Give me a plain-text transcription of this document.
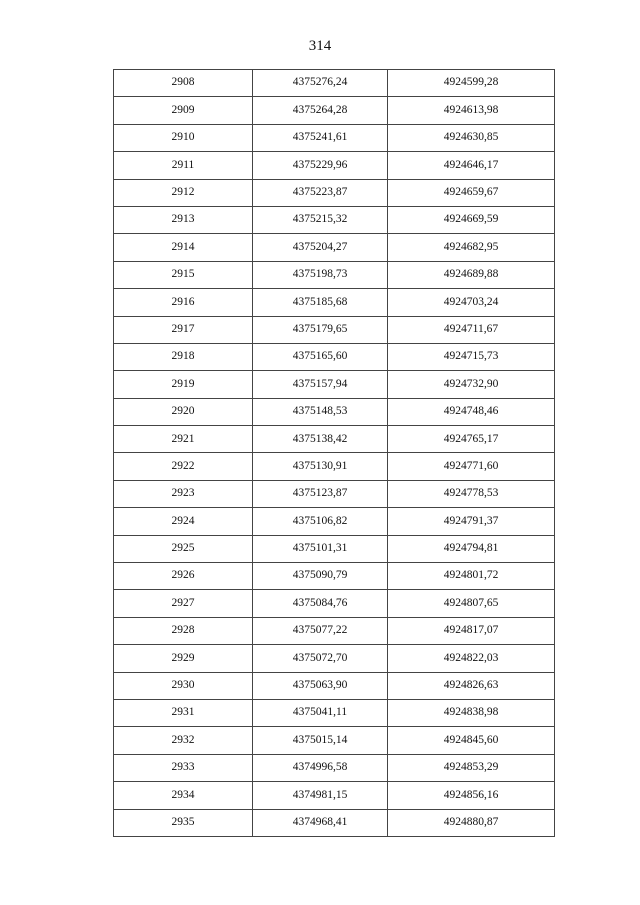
314
2908	4375276,24	4924599,28
2909	4375264,28	4924613,98
2910	4375241,61	4924630,85
2911	4375229,96	4924646,17
2912	4375223,87	4924659,67
2913	4375215,32	4924669,59
2914	4375204,27	4924682,95
2915	4375198,73	4924689,88
2916	4375185,68	4924703,24
2917	4375179,65	4924711,67
2918	4375165,60	4924715,73
2919	4375157,94	4924732,90
2920	4375148,53	4924748,46
2921	4375138,42	4924765,17
2922	4375130,91	4924771,60
2923	4375123,87	4924778,53
2924	4375106,82	4924791,37
2925	4375101,31	4924794,81
2926	4375090,79	4924801,72
2927	4375084,76	4924807,65
2928	4375077,22	4924817,07
2929	4375072,70	4924822,03
2930	4375063,90	4924826,63
2931	4375041,11	4924838,98
2932	4375015,14	4924845,60
2933	4374996,58	4924853,29
2934	4374981,15	4924856,16
2935	4374968,41	4924880,87
